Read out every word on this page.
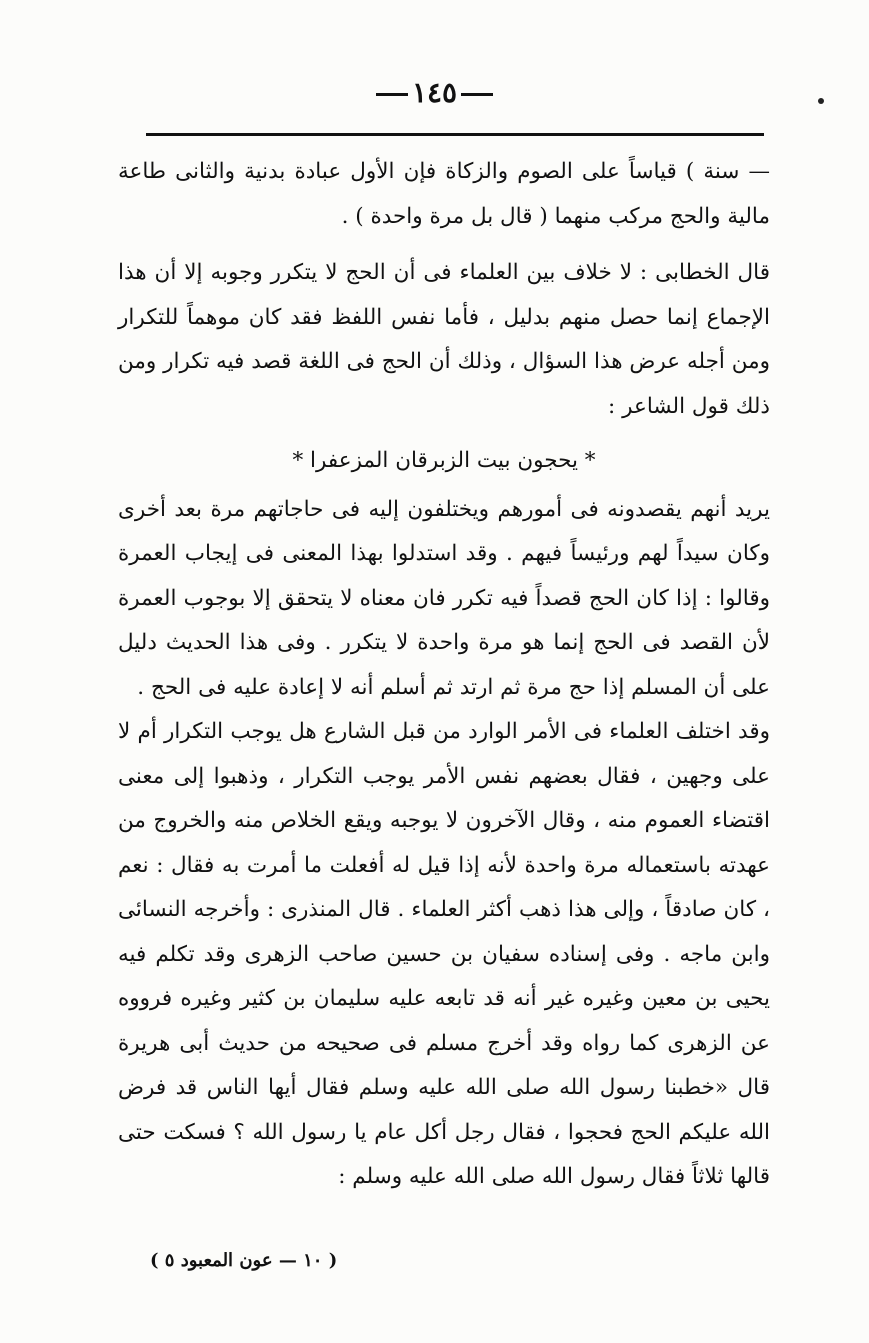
١٤٥

— سنة ) قياساً على الصوم والزكاة فإن الأول عبادة بدنية والثانى طاعة مالية والحج مركب منهما ( قال بل مرة واحدة ) .

قال الخطابى : لا خلاف بين العلماء فى أن الحج لا يتكرر وجوبه إلا أن هذا الإجماع إنما حصل منهم بدليل ، فأما نفس اللفظ فقد كان موهماً للتكرار ومن أجله عرض هذا السؤال ، وذلك أن الحج فى اللغة قصد فيه تكرار ومن ذلك قول الشاعر :

* يحجون بيت الزبرقان المزعفرا *

يريد أنهم يقصدونه فى أمورهم ويختلفون إليه فى حاجاتهم مرة بعد أخرى وكان سيداً لهم ورئيساً فيهم . وقد استدلوا بهذا المعنى فى إيجاب العمرة وقالوا : إذا كان الحج قصداً فيه تكرر فان معناه لا يتحقق إلا بوجوب العمرة لأن القصد فى الحج إنما هو مرة واحدة لا يتكرر . وفى هذا الحديث دليل على أن المسلم إذا حج مرة ثم ارتد ثم أسلم أنه لا إعادة عليه فى الحج .

وقد اختلف العلماء فى الأمر الوارد من قبل الشارع هل يوجب التكرار أم لا على وجهين ، فقال بعضهم نفس الأمر يوجب التكرار ، وذهبوا إلى معنى اقتضاء العموم منه ، وقال الآخرون لا يوجبه ويقع الخلاص منه والخروج من عهدته باستعماله مرة واحدة لأنه إذا قيل له أفعلت ما أمرت به فقال : نعم ، كان صادقاً ، وإلى هذا ذهب أكثر العلماء . قال المنذرى : وأخرجه النسائى وابن ماجه . وفى إسناده سفيان بن حسين صاحب الزهرى وقد تكلم فيه يحيى بن معين وغيره غير أنه قد تابعه عليه سليمان بن كثير وغيره فرووه عن الزهرى كما رواه وقد أخرج مسلم فى صحيحه من حديث أبى هريرة قال «خطبنا رسول الله صلى الله عليه وسلم فقال أيها الناس قد فرض الله عليكم الحج فحجوا ، فقال رجل أكل عام يا رسول الله ؟ فسكت حتى قالها ثلاثاً فقال رسول الله صلى الله عليه وسلم :

( ١٠ — عون المعبود ٥ )
